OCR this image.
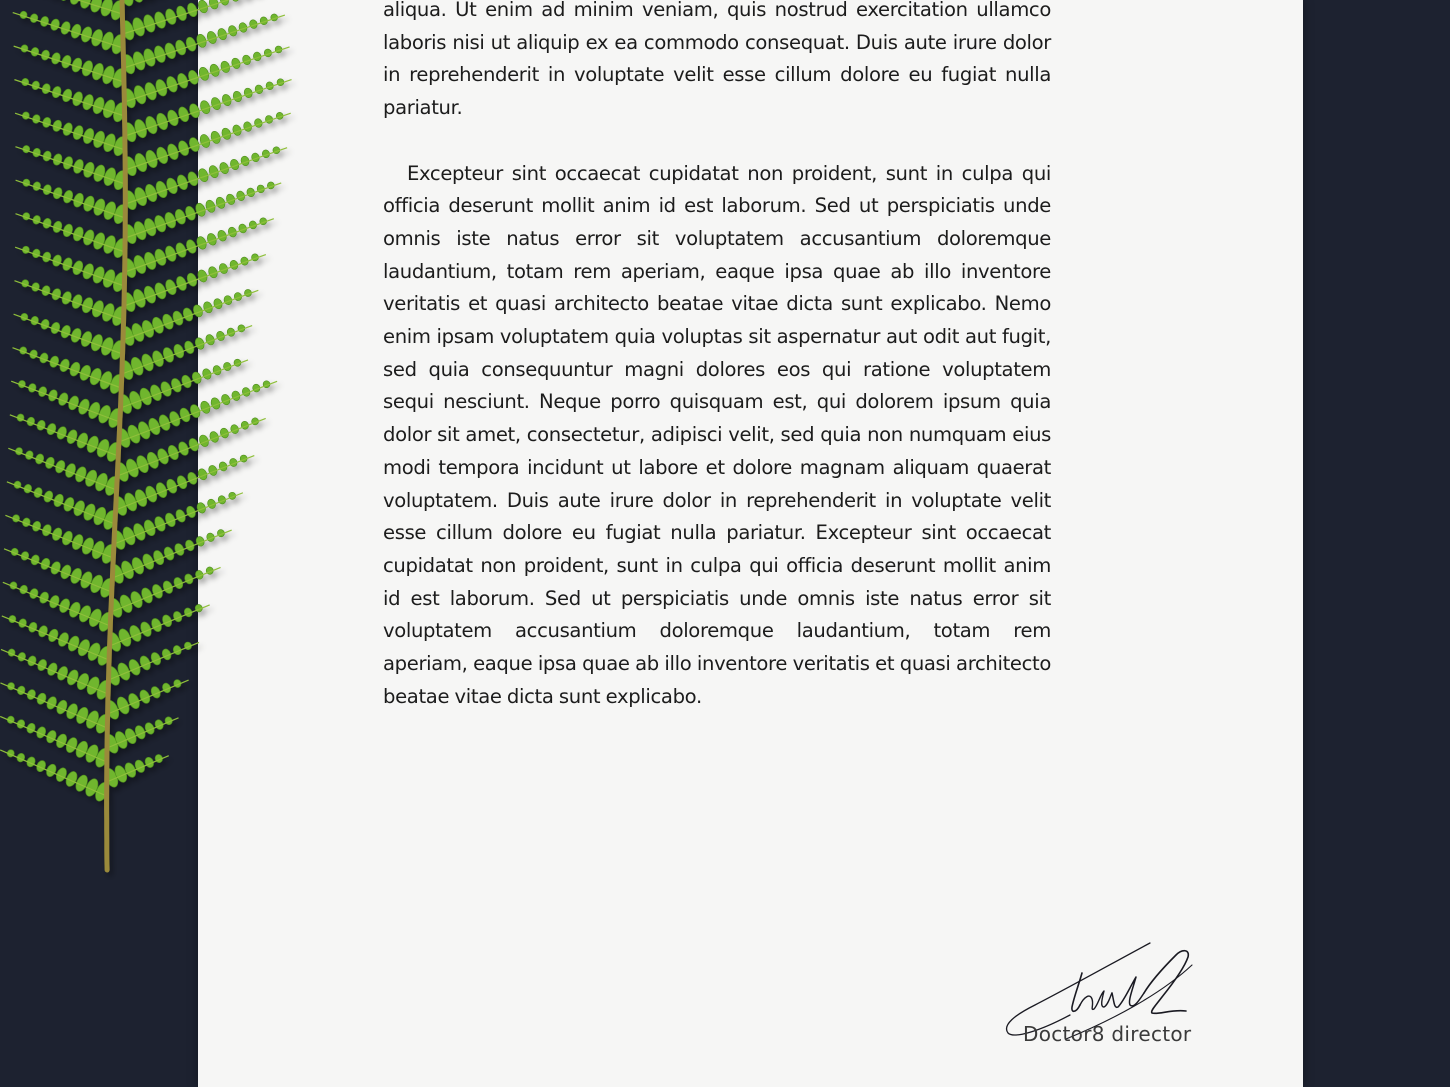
aliqua. Ut enim ad minim veniam, quis nostrud exercitation ullamco laboris nisi ut aliquip ex ea commodo consequat. Duis aute irure dolor in reprehenderit in voluptate velit esse cillum dolore eu fugiat nulla pariatur.

Excepteur sint occaecat cupidatat non proident, sunt in culpa qui officia deserunt mollit anim id est laborum. Sed ut perspiciatis unde omnis iste natus error sit voluptatem accusantium doloremque laudantium, totam rem aperiam, eaque ipsa quae ab illo inventore veritatis et quasi architecto beatae vitae dicta sunt explicabo. Nemo enim ipsam voluptatem quia voluptas sit aspernatur aut odit aut fugit, sed quia consequuntur magni dolores eos qui ratione voluptatem sequi nesciunt. Neque porro quisquam est, qui dolorem ipsum quia dolor sit amet, consectetur, adipisci velit, sed quia non numquam eius modi tempora incidunt ut labore et dolore magnam aliquam quaerat voluptatem. Duis aute irure dolor in reprehenderit in voluptate velit esse cillum dolore eu fugiat nulla pariatur. Excepteur sint occaecat cupidatat non proident, sunt in culpa qui officia deserunt mollit anim id est laborum. Sed ut perspiciatis unde omnis iste natus error sit voluptatem accusantium doloremque laudantium, totam rem aperiam, eaque ipsa quae ab illo inventore veritatis et quasi architecto beatae vitae dicta sunt explicabo.

Doctor8 director
